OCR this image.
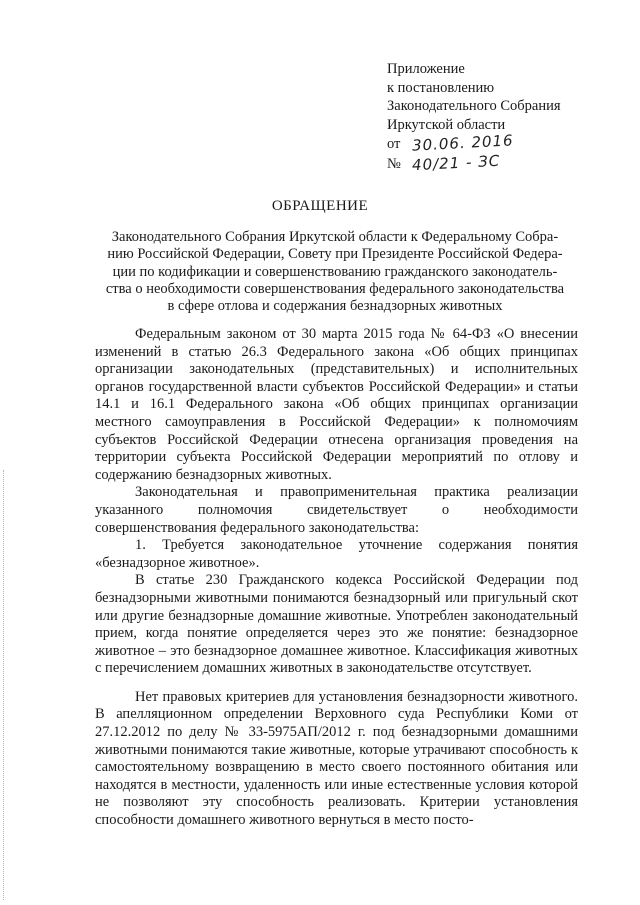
Приложение
к постановлению
Законодательного Собрания
Иркутской области
от 30.06. 2016
№ 40/21 - ЗС
ОБРАЩЕНИЕ
Законодательного Собрания Иркутской области к Федеральному Собра-
нию Российской Федерации, Совету при Президенте Российской Федера-
ции по кодификации и совершенствованию гражданского законодатель-
ства о необходимости совершенствования федерального законодательства
в сфере отлова и содержания безнадзорных животных

Федеральным законом от 30 марта 2015 года № 64-ФЗ «О внесении изменений в статью 26.3 Федерального закона «Об общих принципах организации законодательных (представительных) и исполнительных органов государственной власти субъектов Российской Федерации» и статьи 14.1 и 16.1 Федерального закона «Об общих принципах организации местного самоуправления в Российской Федерации» к полномочиям субъектов Российской Федерации отнесена организация проведения на территории субъекта Российской Федерации мероприятий по отлову и содержанию безнадзорных животных.

Законодательная и правоприменительная практика реализации указанного полномочия свидетельствует о необходимости совершенствования федерального законодательства:

1. Требуется законодательное уточнение содержания понятия «безнадзорное животное».

В статье 230 Гражданского кодекса Российской Федерации под безнадзорными животными понимаются безнадзорный или пригульный скот или другие безнадзорные домашние животные. Употреблен законодательный прием, когда понятие определяется через это же понятие: безнадзорное животное – это безнадзорное домашнее животное. Классификация животных с перечислением домашних животных в законодательстве отсутствует.

Нет правовых критериев для установления безнадзорности животного. В апелляционном определении Верховного суда Республики Коми от 27.12.2012 по делу № 33-5975АП/2012 г. под безнадзорными домашними животными понимаются такие животные, которые утрачивают способность к самостоятельному возвращению в место своего постоянного обитания или находятся в местности, удаленность или иные естественные условия которой не позволяют эту способность реализовать. Критерии установления способности домашнего животного вернуться в место посто-
